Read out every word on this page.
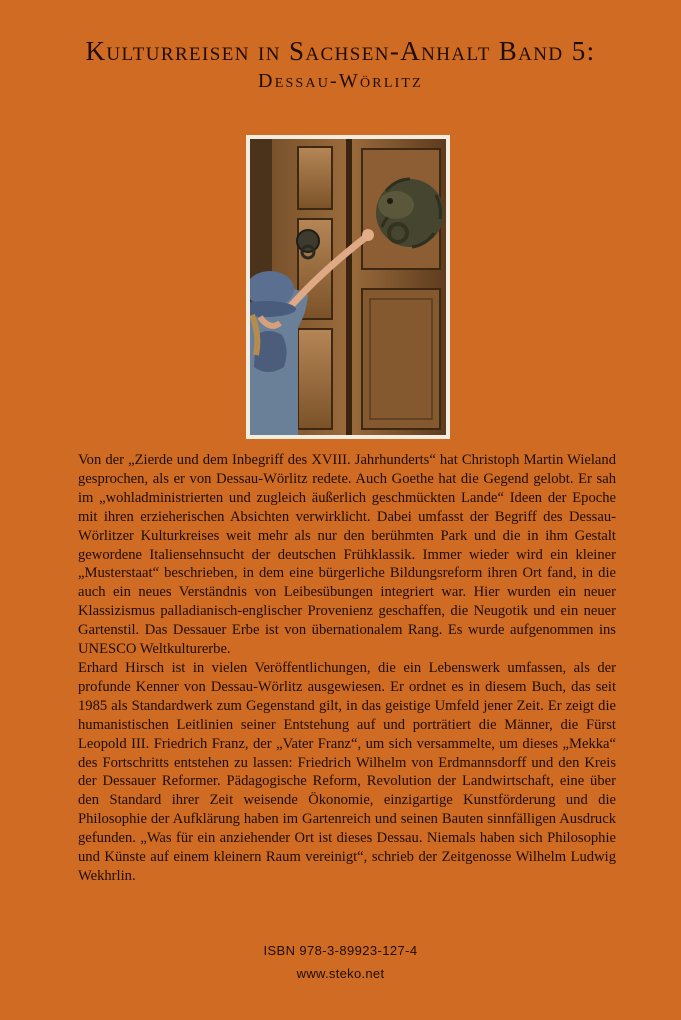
Kulturreisen in Sachsen-Anhalt Band 5:
Dessau-Wörlitz

Von der „Zierde und dem Inbegriff des XVIII. Jahrhunderts“ hat Christoph Martin Wieland gesprochen, als er von Dessau-Wörlitz redete. Auch Goethe hat die Gegend gelobt. Er sah im „wohladministrierten und zugleich äußerlich geschmückten Lande“ Ideen der Epoche mit ihren erzieherischen Absichten verwirklicht. Dabei umfasst der Begriff des Dessau-Wörlitzer Kulturkreises weit mehr als nur den berühmten Park und die in ihm Gestalt gewordene Italiensehnsucht der deutschen Frühklassik. Immer wieder wird ein kleiner „Musterstaat“ beschrieben, in dem eine bürgerliche Bildungsreform ihren Ort fand, in die auch ein neues Verständnis von Leibesübungen integriert war. Hier wurden ein neuer Klassizismus palladianisch-englischer Provenienz geschaffen, die Neugotik und ein neuer Gartenstil. Das Dessauer Erbe ist von übernationalem Rang. Es wurde aufgenommen ins UNESCO Weltkulturerbe.

Erhard Hirsch ist in vielen Veröffentlichungen, die ein Lebenswerk umfassen, als der profunde Kenner von Dessau-Wörlitz ausgewiesen. Er ordnet es in diesem Buch, das seit 1985 als Standardwerk zum Gegenstand gilt, in das geistige Umfeld jener Zeit. Er zeigt die humanistischen Leitlinien seiner Entstehung auf und porträtiert die Männer, die Fürst Leopold III. Friedrich Franz, der „Vater Franz“, um sich versammelte, um dieses „Mekka“ des Fortschritts entstehen zu lassen: Friedrich Wilhelm von Erdmannsdorff und den Kreis der Dessauer Reformer. Pädagogische Reform, Revolution der Landwirtschaft, eine über den Standard ihrer Zeit weisende Ökonomie, einzigartige Kunstförderung und die Philosophie der Aufklärung haben im Gartenreich und seinen Bauten sinnfälligen Ausdruck gefunden. „Was für ein anziehender Ort ist dieses Dessau. Niemals haben sich Philosophie und Künste auf einem kleinern Raum vereinigt“, schrieb der Zeitgenosse Wilhelm Ludwig Wekhrlin.

ISBN 978-3-89923-127-4
www.steko.net
